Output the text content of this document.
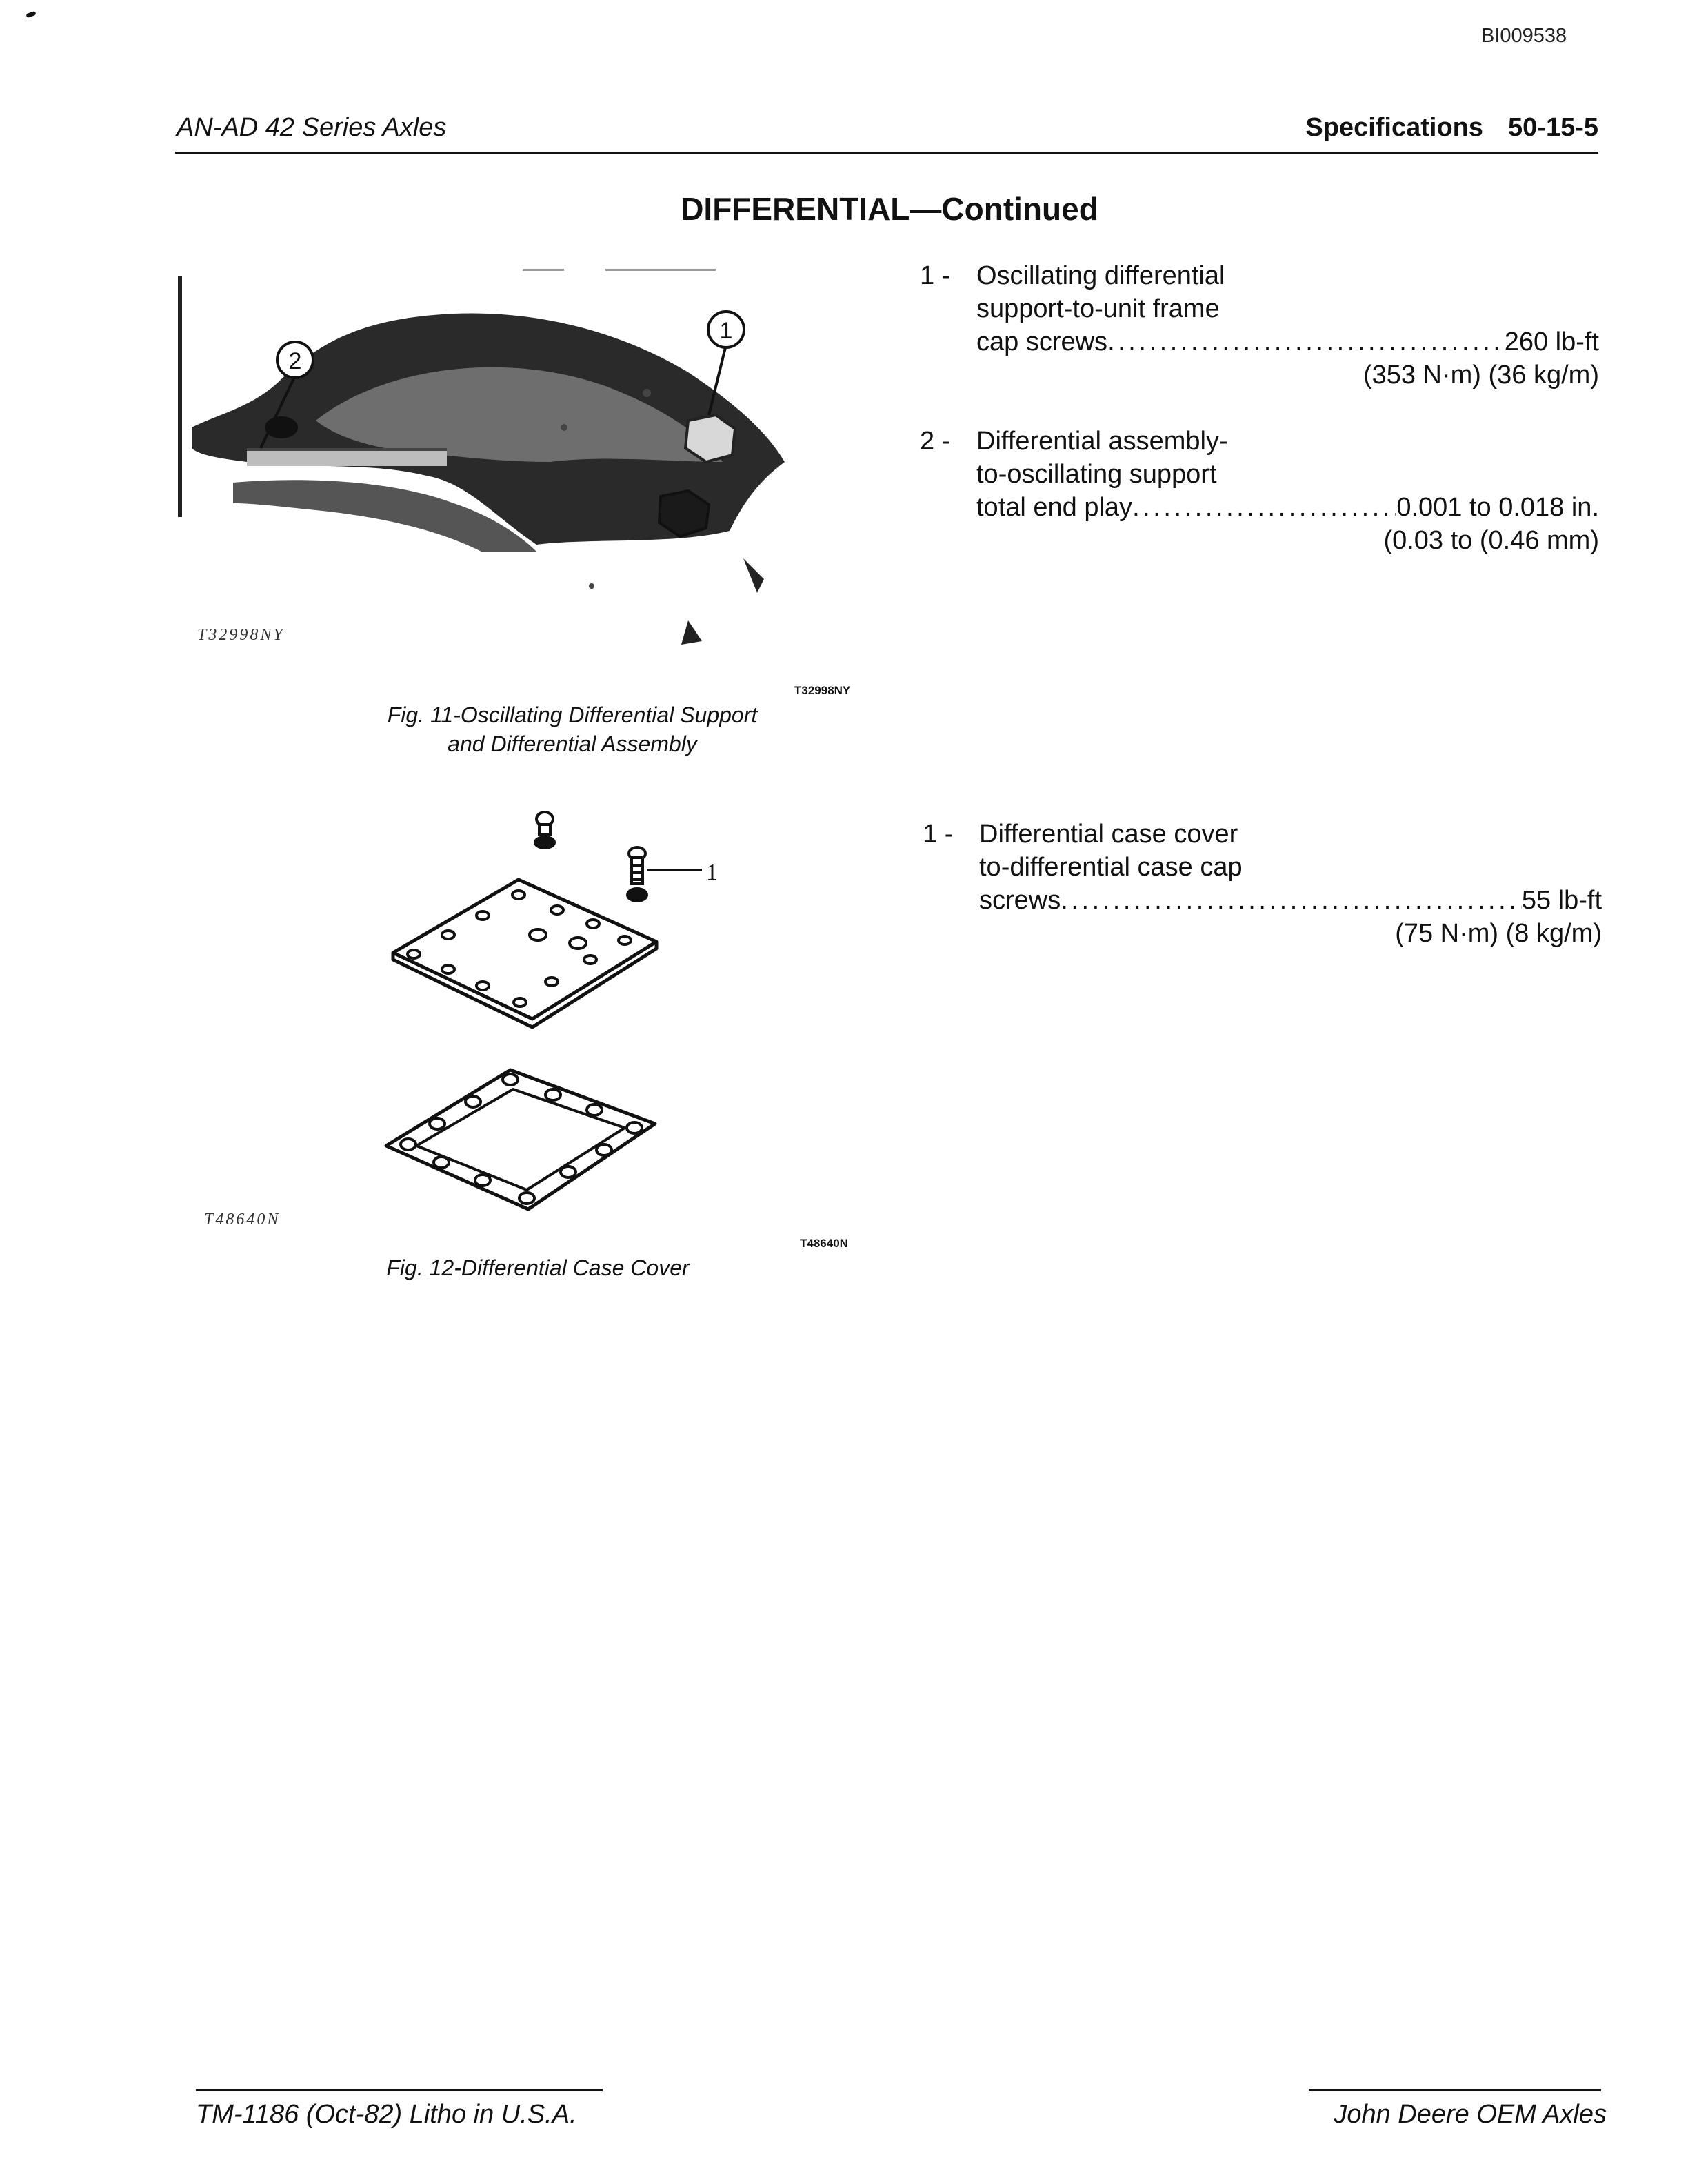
BI009538
AN-AD 42 Series Axles	Specifications 50-15-5
DIFFERENTIAL—Continued
1
2
T32998NY
T32998NY
Fig. 11-Oscillating Differential Support
and Differential Assembly
1 - Oscillating differential
support-to-unit frame
cap screws . . .	260 lb-ft
(353 N·m) (36 kg/m)
2 - Differential assembly-
to-oscillating support
total end play . . .	0.001 to 0.018 in.
(0.03 to (0.46 mm)
1
T48640N
T48640N
Fig. 12-Differential Case Cover
1 - Differential case cover
to-differential case cap
screws . . .	55 lb-ft
(75 N·m) (8 kg/m)
TM-1186 (Oct-82) Litho in U.S.A.	John Deere OEM Axles
